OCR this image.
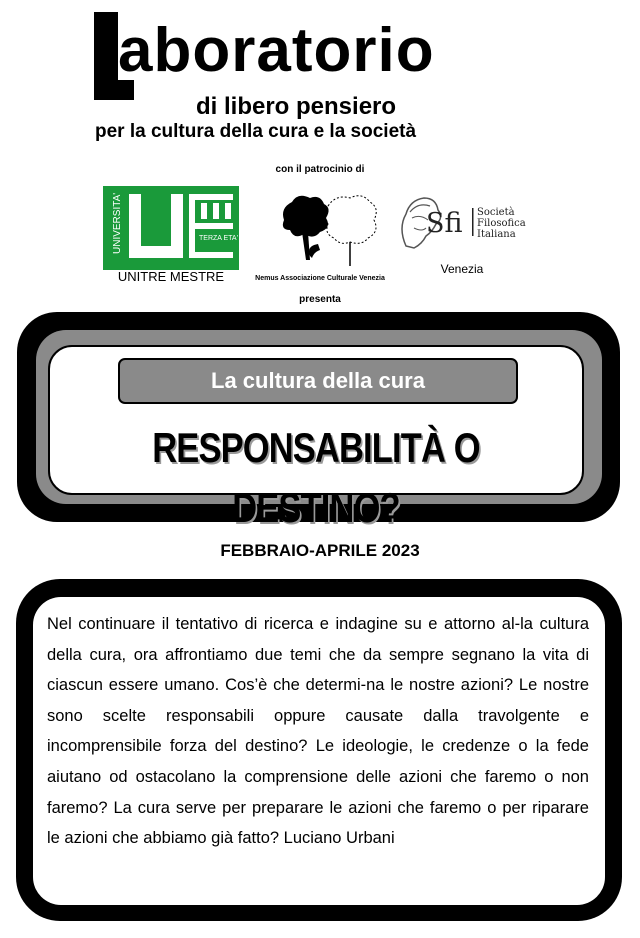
aboratorio
di libero pensiero
per la cultura della cura e la società
con il patrocinio di
UNIVERSITA'	TERZA ETA'
UNITRE MESTRE	Nemus Associazione Culturale Venezia
Sfi Società
Filosofica
Italiana
Venezia
presenta
La cultura della cura
RESPONSABILITÀ O DESTINO?
FEBBRAIO-APRILE 2023
Nel continuare il tentativo di ricerca e indagine su e attorno al-la cultura della cura, ora affrontiamo due temi che da sempre segnano la vita di ciascun essere umano. Cos’è che determi-na le nostre azioni? Le nostre sono scelte responsabili oppure causate dalla travolgente e incomprensibile forza del destino? Le ideologie, le credenze o la fede aiutano od ostacolano la comprensione delle azioni che faremo o non faremo? La cura serve per preparare le azioni che faremo o per riparare le azioni che abbiamo già fatto? Luciano Urbani
